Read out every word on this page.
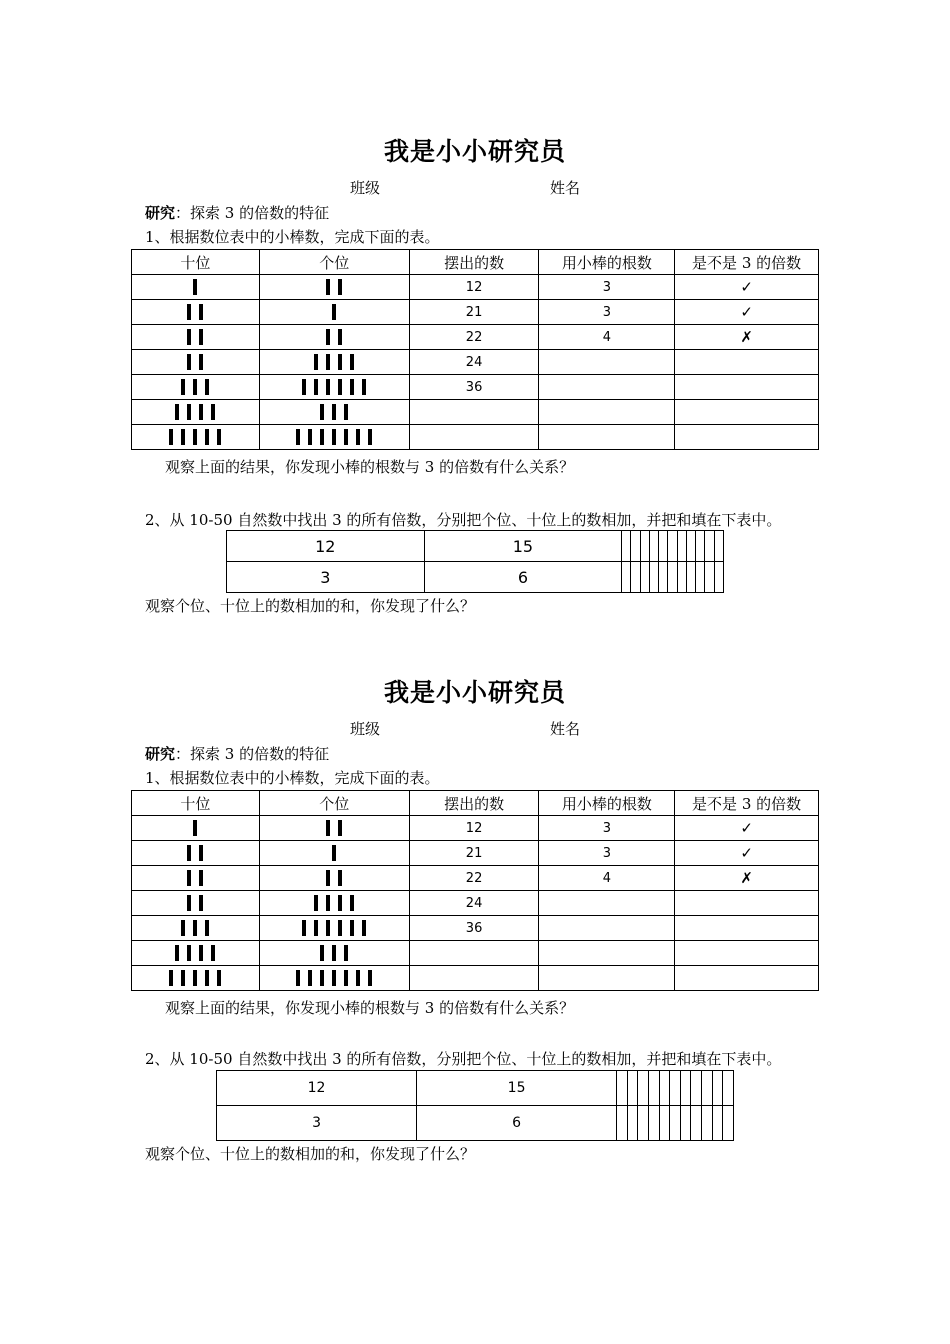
我是小小研究员
班级	姓名
研究：探索 3 的倍数的特征
1、根据数位表中的小棒数，完成下面的表。
十位	个位	摆出的数	用小棒的根数	是不是 3 的倍数

	12	3	✓

	21	3	✓

	22	4	✗

	24		

	36		

观察上面的结果，你发现小棒的根数与 3 的倍数有什么关系？
2、从 10-50 自然数中找出 3 的所有倍数，分别把个位、十位上的数相加，并把和填在下表中。
12	15											
3	6											
观察个位、十位上的数相加的和，你发现了什么？
我是小小研究员
班级	姓名
研究：探索 3 的倍数的特征
1、根据数位表中的小棒数，完成下面的表。
十位	个位	摆出的数	用小棒的根数	是不是 3 的倍数

	12	3	✓

	21	3	✓

	22	4	✗

	24		

	36		

观察上面的结果，你发现小棒的根数与 3 的倍数有什么关系？
2、从 10-50 自然数中找出 3 的所有倍数，分别把个位、十位上的数相加，并把和填在下表中。
12	15											
3	6											
观察个位、十位上的数相加的和，你发现了什么？
